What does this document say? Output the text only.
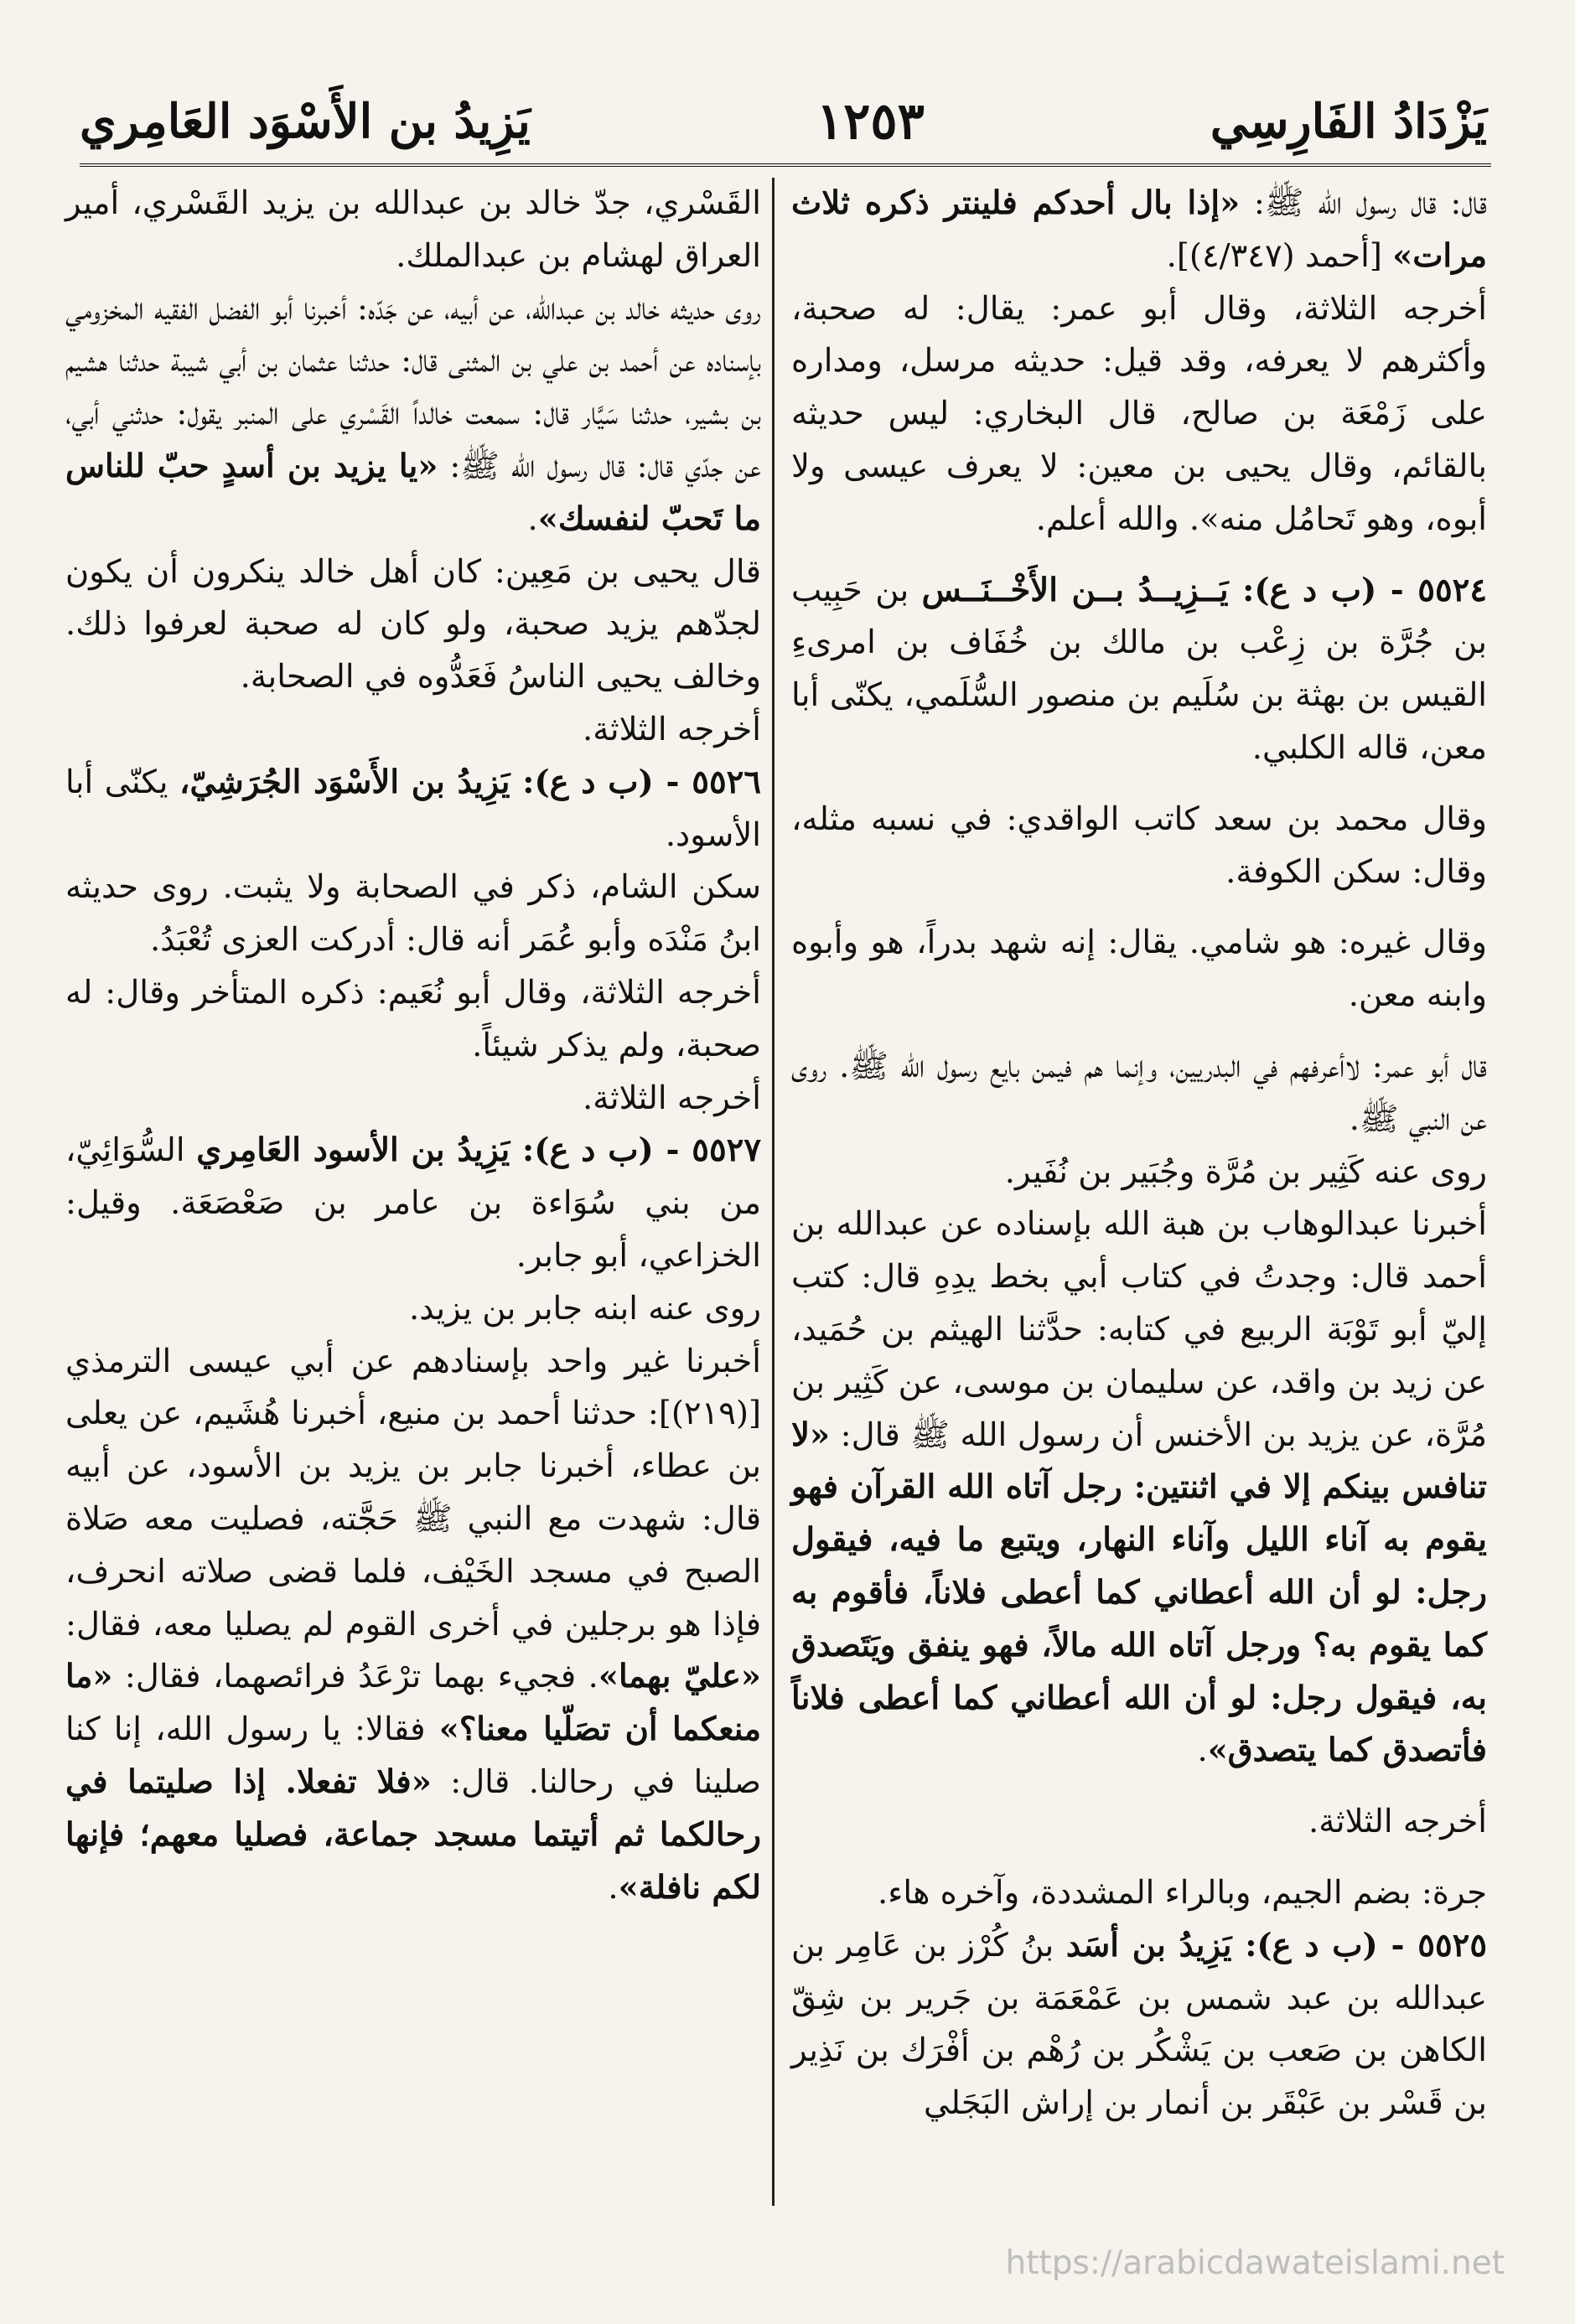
يَزْدَادُ الفَارِسِي
١٢٥٣
يَزِيدُ بن الأَسْوَد العَامِري

قال: قال رسول الله ﷺ: «إذا بال أحدكم فلينتر ذكره ثلاث مرات» [أحمد (٤/٣٤٧)].

أخرجه الثلاثة، وقال أبو عمر: يقال: له صحبة، وأكثرهم لا يعرفه، وقد قيل: حديثه مرسل، ومداره على زَمْعَة بن صالح، قال البخاري: ليس حديثه بالقائم، وقال يحيى بن معين: لا يعرف عيسى ولا أبوه، وهو تَحامُل منه». والله أعلم.

٥٥٢٤ - (ب د ع): يَــزِيــدُ بــن الأَخْــنَــس بن حَبِيب بن جُرَّة بن زِعْب بن مالك بن خُفَاف بن امرىءِ القيس بن بهثة بن سُلَيم بن منصور السُّلَمي، يكنّى أبا معن، قاله الكلبي.

وقال محمد بن سعد كاتب الواقدي: في نسبه مثله، وقال: سكن الكوفة.

وقال غيره: هو شامي. يقال: إنه شهد بدراً، هو وأبوه وابنه معن.

قال أبو عمر: لاأعرفهم في البدريين، وإنما هم فيمن بايع رسول الله ﷺ. روى عن النبي ﷺ.

روى عنه كَثِير بن مُرَّة وجُبَير بن نُفَير.

أخبرنا عبدالوهاب بن هبة الله بإسناده عن عبدالله بن أحمد قال: وجدتُ في كتاب أبي بخط يدِهِ قال: كتب إليّ أبو تَوْبَة الربيع في كتابه: حدَّثنا الهيثم بن حُمَيد، عن زيد بن واقد، عن سليمان بن موسى، عن كَثِير بن مُرَّة، عن يزيد بن الأخنس أن رسول الله ﷺ قال: «لا تنافس بينكم إلا في اثنتين: رجل آتاه الله القرآن فهو يقوم به آناء الليل وآناء النهار، ويتبع ما فيه، فيقول رجل: لو أن الله أعطاني كما أعطى فلاناً، فأقوم به كما يقوم به؟ ورجل آتاه الله مالاً، فهو ينفق ويَتَصدق به، فيقول رجل: لو أن الله أعطاني كما أعطى فلاناً فأتصدق كما يتصدق».

أخرجه الثلاثة.

جرة: بضم الجيم، وبالراء المشددة، وآخره هاء.

٥٥٢٥ - (ب د ع): يَزِيدُ بن أسَد بنُ كُرْز بن عَامِر بن عبدالله بن عبد شمس بن عَمْعَمَة بن جَرير بن شِقّ الكاهن بن صَعب بن يَشْكُر بن رُهْم بن أفْرَك بن نَذِير بن قَسْر بن عَبْقَر بن أنمار بن إراش البَجَلي

القَسْري، جدّ خالد بن عبدالله بن يزيد القَسْري، أمير العراق لهشام بن عبدالملك.

روى حديثه خالد بن عبدالله، عن أبيه، عن جَدّه: أخبرنا أبو الفضل الفقيه المخزومي بإسناده عن أحمد بن علي بن المثنى قال: حدثنا عثمان بن أبي شيبة حدثنا هشيم بن بشير، حدثنا سَيَّار قال: سمعت خالداً القَسْري على المنبر يقول: حدثني أبي، عن جدّي قال: قال رسول الله ﷺ: «يا يزيد بن أسدٍ حبّ للناس ما تَحبّ لنفسك».

قال يحيى بن مَعِين: كان أهل خالد ينكرون أن يكون لجدّهم يزيد صحبة، ولو كان له صحبة لعرفوا ذلك. وخالف يحيى الناسُ فَعَدُّوه في الصحابة.

أخرجه الثلاثة.

٥٥٢٦ - (ب د ع): يَزِيدُ بن الأَسْوَد الجُرَشِيّ، يكنّى أبا الأسود.

سكن الشام، ذكر في الصحابة ولا يثبت. روى حديثه ابنُ مَنْدَه وأبو عُمَر أنه قال: أدركت العزى تُعْبَدُ.

أخرجه الثلاثة، وقال أبو نُعَيم: ذكره المتأخر وقال: له صحبة، ولم يذكر شيئاً.

أخرجه الثلاثة.

٥٥٢٧ - (ب د ع): يَزِيدُ بن الأسود العَامِري السُّوَائِيّ، من بني سُوَاءة بن عامر بن صَعْصَعَة. وقيل: الخزاعي، أبو جابر.

روى عنه ابنه جابر بن يزيد.

أخبرنا غير واحد بإسنادهم عن أبي عيسى الترمذي [(٢١٩)]: حدثنا أحمد بن منيع، أخبرنا هُشَيم، عن يعلى بن عطاء، أخبرنا جابر بن يزيد بن الأسود، عن أبيه قال: شهدت مع النبي ﷺ حَجَّته، فصليت معه صَلاة الصبح في مسجد الخَيْف، فلما قضى صلاته انحرف، فإذا هو برجلين في أخرى القوم لم يصليا معه، فقال: «عليّ بهما». فجيء بهما ترْعَدُ فرائصهما، فقال: «ما منعكما أن تصَلّيا معنا؟» فقالا: يا رسول الله، إنا كنا صلينا في رحالنا. قال: «فلا تفعلا. إذا صليتما في رحالكما ثم أتيتما مسجد جماعة، فصليا معهم؛ فإنها لكم نافلة».

https://arabicdawateislami.net
